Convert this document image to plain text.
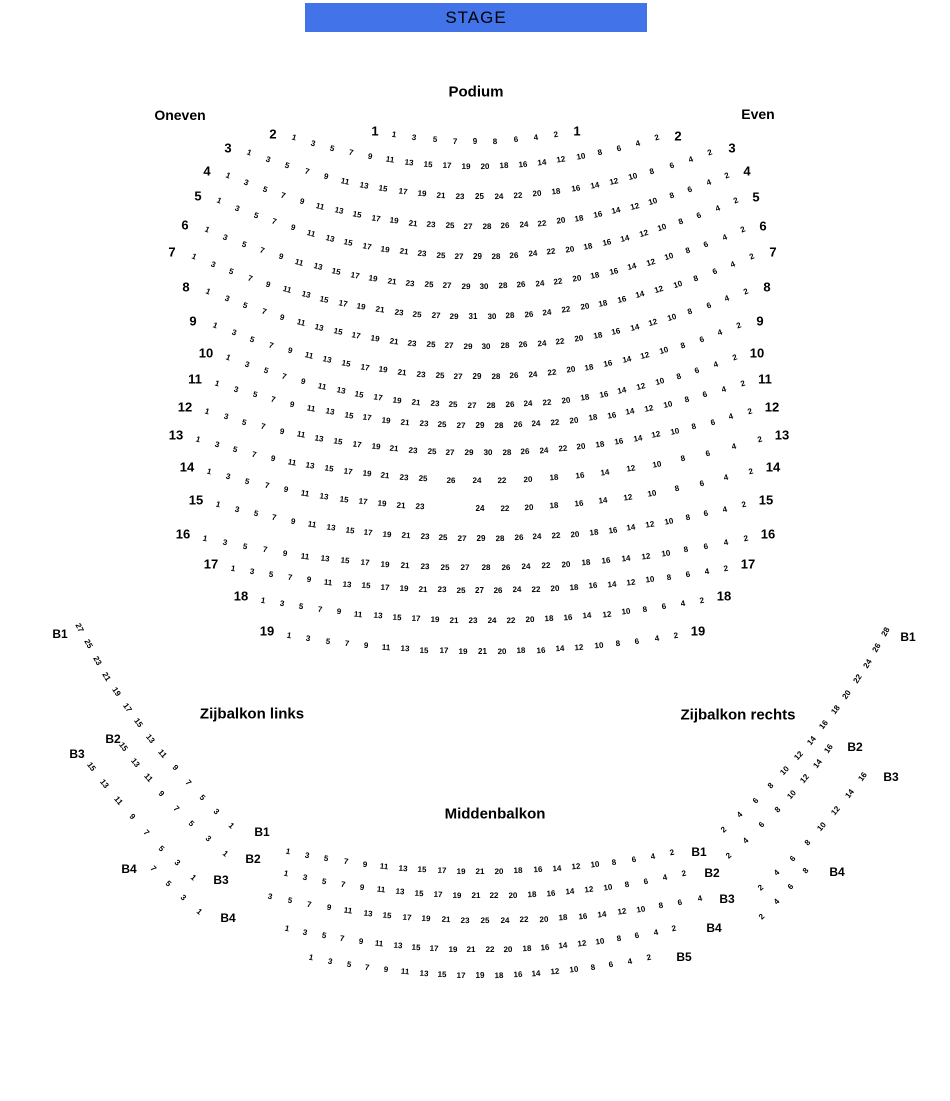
STAGE
Podium
Oneven	Even
Zijbalkon links	Zijbalkon rechts
Middenbalkon
1	1
1 3 5 7 9 8 6 4 2
2	2
1
3
5 7 9 11 13 15 17 19 20 18 16 14 12 10 8 6
4
2
3	3
1
3
5
7
9 11 13 15 17 19 21 23 25 24 22 20 18 16 14 12 10 8
6
4
2
4	4
1
3
5
7
9 11 13 15 17 19 21 23 25 27 28 26 24 22 20 18 16 14 12 10
8
6
4
2
5	5
1
3
5
7
9 11 13 15 17 19 21 23 25 27 29 28 26 24 22 20 18 16 14 12 10
8
6
4
2
6	6
1
3
5
7
9 11 13 15 17 19 21 23 25 27 29 30 28 26 24 22 20 18 16 14 12 10
8
6
4
2
7	7
1
3
5
7
9
11 13 15 17 19 21 23 25 27 29 31 30 28 26 24 22 20 18 16 14 12 10
8
6
4
2
8	8
1
3
5
7
9 11 13 15 17 19 21 23 25 27 29 30 28 26 24 22 20 18 16 14 12 10
8
6
4
2
9	9
1
3
5
7
9 11 13 15 17 19 21 23 25 27 29 28 26 24 22 20 18 16 14 12 10 8
6
4
2
10	10
1
3
5
7
9 11 13 15 17 19 21 23 25 27 28 26 24 22 20 18 16 14 12 10 8
6
4
2
11	11
1
3
5 7 9 11 13 15 17 19 21 23 25 27 29 28 26 24 22 20 18 16 14 12 10 8 6
4
2
12	12
1
3
5 7 9 11 13 15 17 19 21 23 25 27 29 30 28 26 24 22 20 18 16 14 12 10 8 6
4
2
13	13
1
3 5 7 9 11 13 15 17 19 21 23 25 26 24 22 20 18 16 14 12 10 8
6
4
2
14	14
1
3 5 7 9 11 13 15 17 19 21 23	24 22 20 18 16 14 12 10 8
6
4
2
15	15
1 3 5 7 9 11 13 15 17 19 21 23 25 27 29 28 26 24 22 20 18 16 14 12 10 8 6 4 2
16	16
1 3 5 7 9 11 13 15 17 19 21 23 25 27 28 26 24 22 20 18 16 14 12 10 8 6 4 2
17	17
1 3 5 7 9 11 13 15 17 19 21 23 25 27 26 24 22 20 18 16 14 12 10 8 6 4 2
18	18
1 3 5 7 9 11 13 15 17 19 21 23 24 22 20 18 16 14 12 10 8 6 4 2
19	19
1 3 5 7 9 11 13 15 17 19 21 20 18 16 14 12 10 8 6 4 2
B1 27
25
23
21
19
17
15
13
11
9
7
5
3
1
B2
15
13
11
9
7
5
3
1
B3
15
13
11
9
7
5
3
1
B4 7
5
3
1
B1
28
26
24
22
20
18
16
14
12
10
8
6
4
2
B2
16
14
12
10
8
6
4
2
B3
16
14
12
10
8
6
4
2
B4
8
6
4
2
B1
B1
1 3 5 7 9 11 13 15 17 19 21 20 18 16 14 12 10 8 6 4 2
B2
B2
1 3 5 7 9 11 13 15 17 19 21 22 20 18 16 14 12 10 8 6 4 2
B3
B3
3 5 7 9 11 13 15 17 19 21 23 25 24 22 20 18 16 14 12 10 8 6 4
B4
B4
1 3 5 7 9 11 13 15 17 19 21 22 20 18 16 14 12 10 8 6 4 2
B5
1 3 5 7 9 11 13 15 17 19 18 16 14 12 10 8 6 4 2
